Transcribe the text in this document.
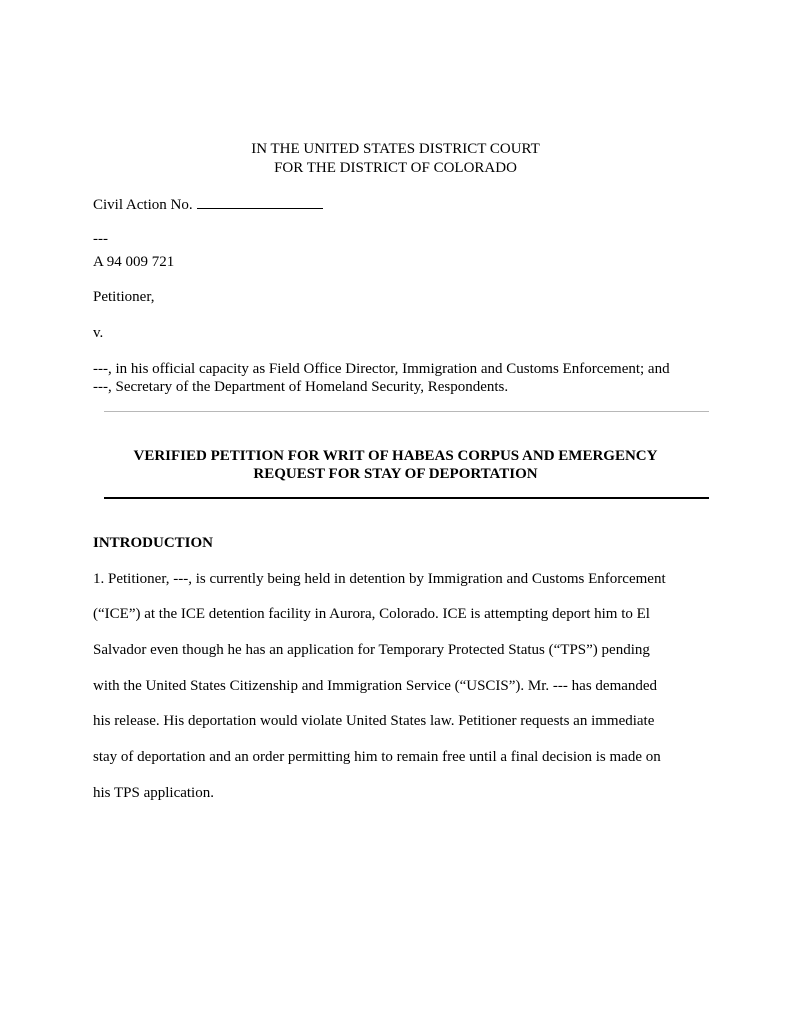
IN THE UNITED STATES DISTRICT COURT
FOR THE DISTRICT OF COLORADO
Civil Action No.
---
A 94 009 721
Petitioner,
v.
---, in his official capacity as Field Office Director, Immigration and Customs Enforcement; and
---, Secretary of the Department of Homeland Security, Respondents.
VERIFIED PETITION FOR WRIT OF HABEAS CORPUS AND EMERGENCY
REQUEST FOR STAY OF DEPORTATION
INTRODUCTION
1. Petitioner, ---, is currently being held in detention by Immigration and Customs Enforcement
(“ICE”) at the ICE detention facility in Aurora, Colorado. ICE is attempting deport him to El
Salvador even though he has an application for Temporary Protected Status (“TPS”) pending
with the United States Citizenship and Immigration Service (“USCIS”). Mr. --- has demanded
his release. His deportation would violate United States law. Petitioner requests an immediate
stay of deportation and an order permitting him to remain free until a final decision is made on
his TPS application.
